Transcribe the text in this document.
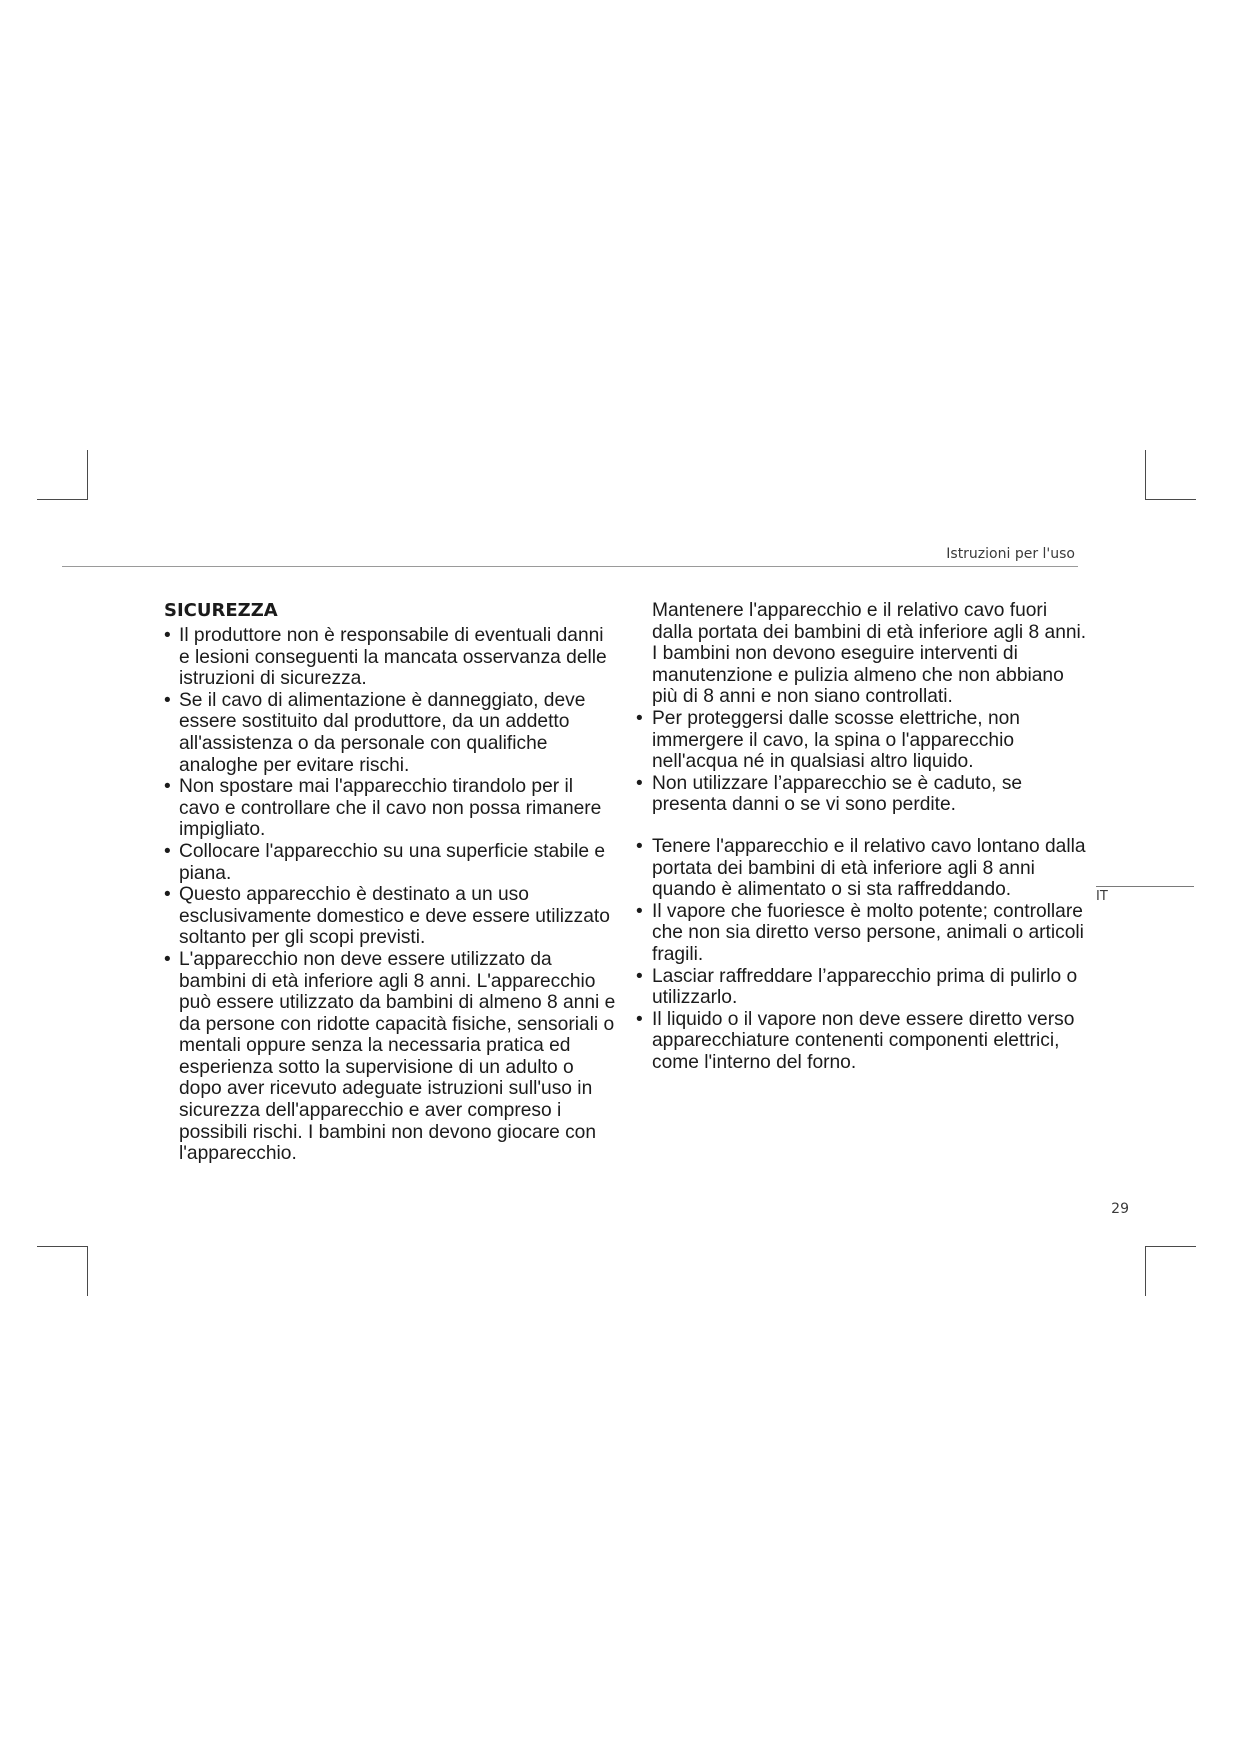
Istruzioni per l'uso
SICUREZZA
• Il produttore non è responsabile di eventuali danni e lesioni conseguenti la mancata osservanza delle istruzioni di sicurezza.
• Se il cavo di alimentazione è danneggiato, deve essere sostituito dal produttore, da un addetto all'assistenza o da personale con qualifiche analoghe per evitare rischi.
• Non spostare mai l'apparecchio tirandolo per il cavo e controllare che il cavo non possa rimanere impigliato.
• Collocare l'apparecchio su una superficie stabile e piana.
• Questo apparecchio è destinato a un uso esclusivamente domestico e deve essere utilizzato soltanto per gli scopi previsti.
• L'apparecchio non deve essere utilizzato da bambini di età inferiore agli 8 anni. L'apparecchio può essere utilizzato da bambini di almeno 8 anni e da persone con ridotte capacità fisiche, sensoriali o mentali oppure senza la necessaria pratica ed esperienza sotto la supervisione di un adulto o dopo aver ricevuto adeguate istruzioni sull'uso in sicurezza dell'apparecchio e aver compreso i possibili rischi. I bambini non devono giocare con l'apparecchio.

Mantenere l'apparecchio e il relativo cavo fuori dalla portata dei bambini di età inferiore agli 8 anni. I bambini non devono eseguire interventi di manutenzione e pulizia almeno che non abbiano più di 8 anni e non siano controllati.

• Per proteggersi dalle scosse elettriche, non immergere il cavo, la spina o l'apparecchio nell'acqua né in qualsiasi altro liquido.
• Non utilizzare l’apparecchio se è caduto, se presenta danni o se vi sono perdite.
• Tenere l'apparecchio e il relativo cavo lontano dalla portata dei bambini di età inferiore agli 8 anni quando è alimentato o si sta raffreddando.
• Il vapore che fuoriesce è molto potente; controllare che non sia diretto verso persone, animali o articoli fragili.
• Lasciar raffreddare l’apparecchio prima di pulirlo o utilizzarlo.
• Il liquido o il vapore non deve essere diretto verso apparecchiature contenenti componenti elettrici, come l'interno del forno.
IT
29
